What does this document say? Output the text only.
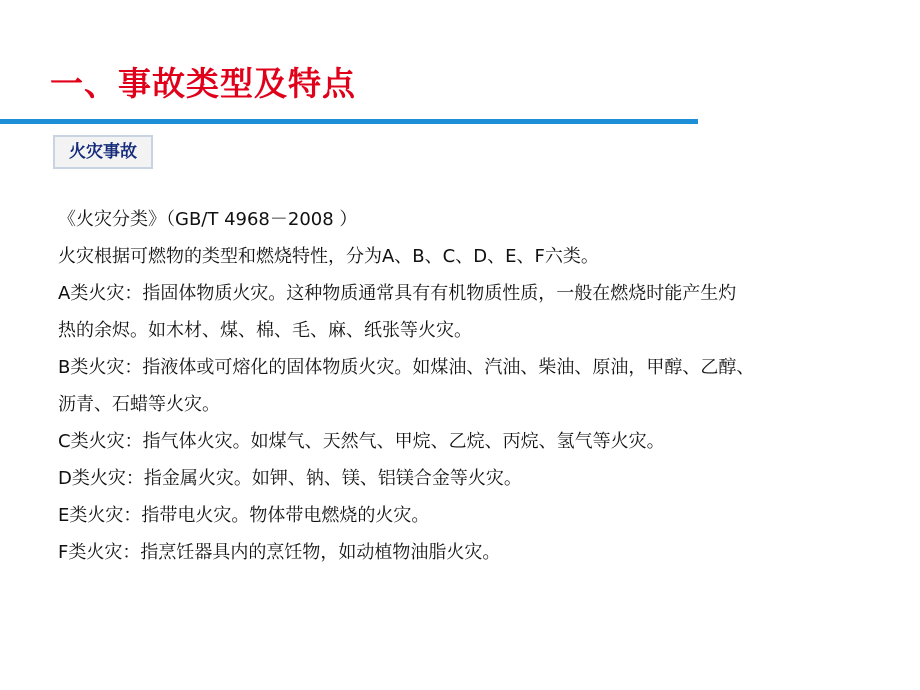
一、事故类型及特点
火灾事故

《火灾分类》（GB/T 4968－2008 ）

火灾根据可燃物的类型和燃烧特性，分为A、B、C、D、E、F六类。

A类火灾：指固体物质火灾。这种物质通常具有有机物质性质，一般在燃烧时能产生灼

热的余烬。如木材、煤、棉、毛、麻、纸张等火灾。

B类火灾：指液体或可熔化的固体物质火灾。如煤油、汽油、柴油、原油，甲醇、乙醇、

沥青、石蜡等火灾。

C类火灾：指气体火灾。如煤气、天然气、甲烷、乙烷、丙烷、氢气等火灾。

D类火灾：指金属火灾。如钾、钠、镁、铝镁合金等火灾。

E类火灾：指带电火灾。物体带电燃烧的火灾。

F类火灾：指烹饪器具内的烹饪物，如动植物油脂火灾。
